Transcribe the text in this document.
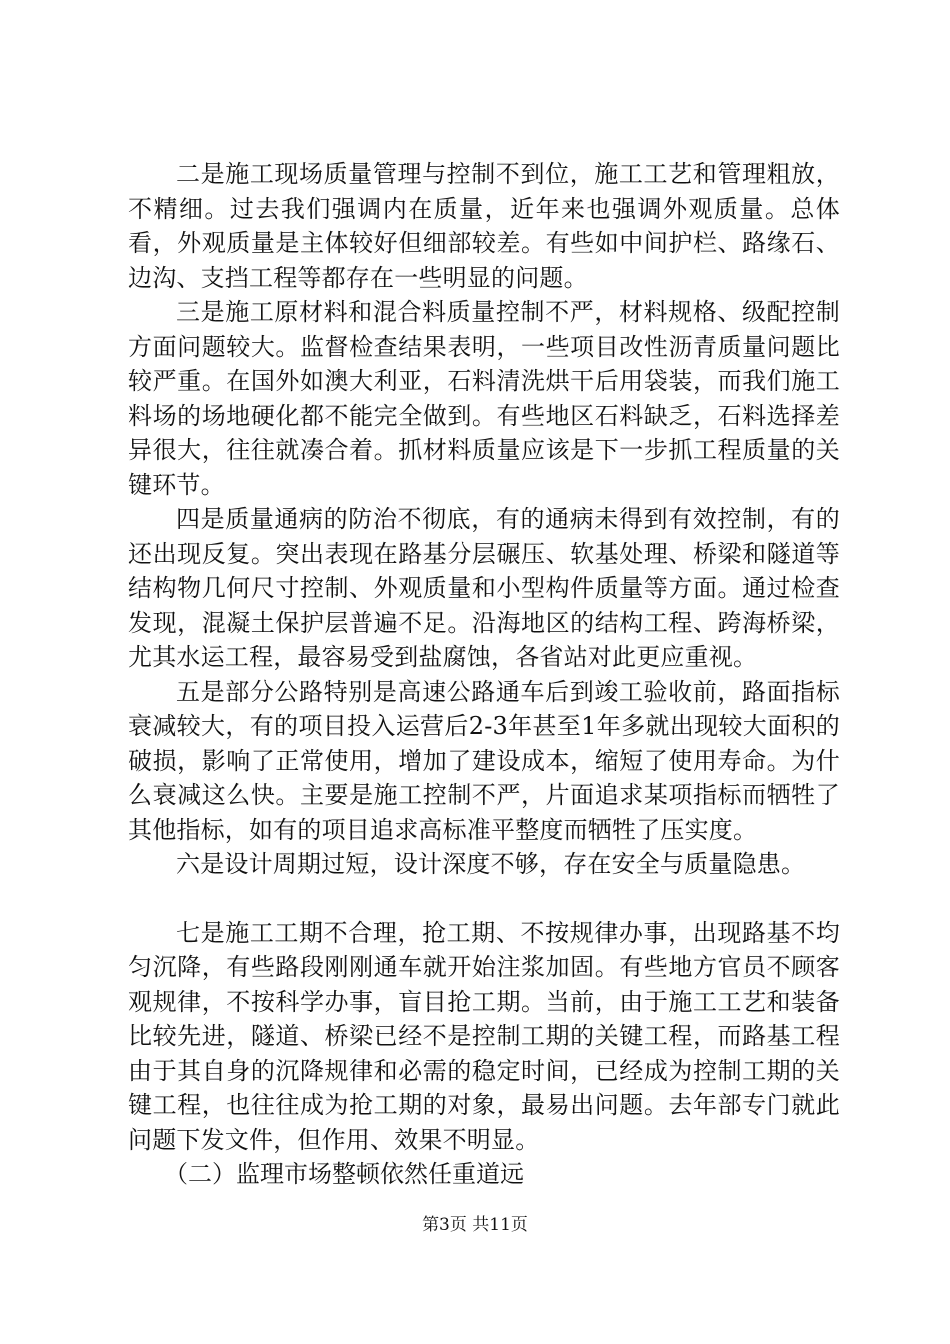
二是施工现场质量管理与控制不到位，施工工艺和管理粗放，不精细。过去我们强调内在质量，近年来也强调外观质量。总体看，外观质量是主体较好但细部较差。有些如中间护栏、路缘石、边沟、支挡工程等都存在一些明显的问题。

三是施工原材料和混合料质量控制不严，材料规格、级配控制方面问题较大。监督检查结果表明，一些项目改性沥青质量问题比较严重。在国外如澳大利亚，石料清洗烘干后用袋装，而我们施工料场的场地硬化都不能完全做到。有些地区石料缺乏，石料选择差异很大，往往就凑合着。抓材料质量应该是下一步抓工程质量的关键环节。

四是质量通病的防治不彻底，有的通病未得到有效控制，有的还出现反复。突出表现在路基分层碾压、软基处理、桥梁和隧道等结构物几何尺寸控制、外观质量和小型构件质量等方面。通过检查发现，混凝土保护层普遍不足。沿海地区的结构工程、跨海桥梁，尤其水运工程，最容易受到盐腐蚀，各省站对此更应重视。

五是部分公路特别是高速公路通车后到竣工验收前，路面指标衰减较大，有的项目投入运营后2-3年甚至1年多就出现较大面积的破损，影响了正常使用，增加了建设成本，缩短了使用寿命。为什么衰减这么快。主要是施工控制不严，片面追求某项指标而牺牲了其他指标，如有的项目追求高标准平整度而牺牲了压实度。

六是设计周期过短，设计深度不够，存在安全与质量隐患。

七是施工工期不合理，抢工期、不按规律办事，出现路基不均匀沉降，有些路段刚刚通车就开始注浆加固。有些地方官员不顾客观规律，不按科学办事，盲目抢工期。当前，由于施工工艺和装备比较先进，隧道、桥梁已经不是控制工期的关键工程，而路基工程由于其自身的沉降规律和必需的稳定时间，已经成为控制工期的关键工程，也往往成为抢工期的对象，最易出问题。去年部专门就此问题下发文件，但作用、效果不明显。

（二）监理市场整顿依然任重道远

第3页 共11页
